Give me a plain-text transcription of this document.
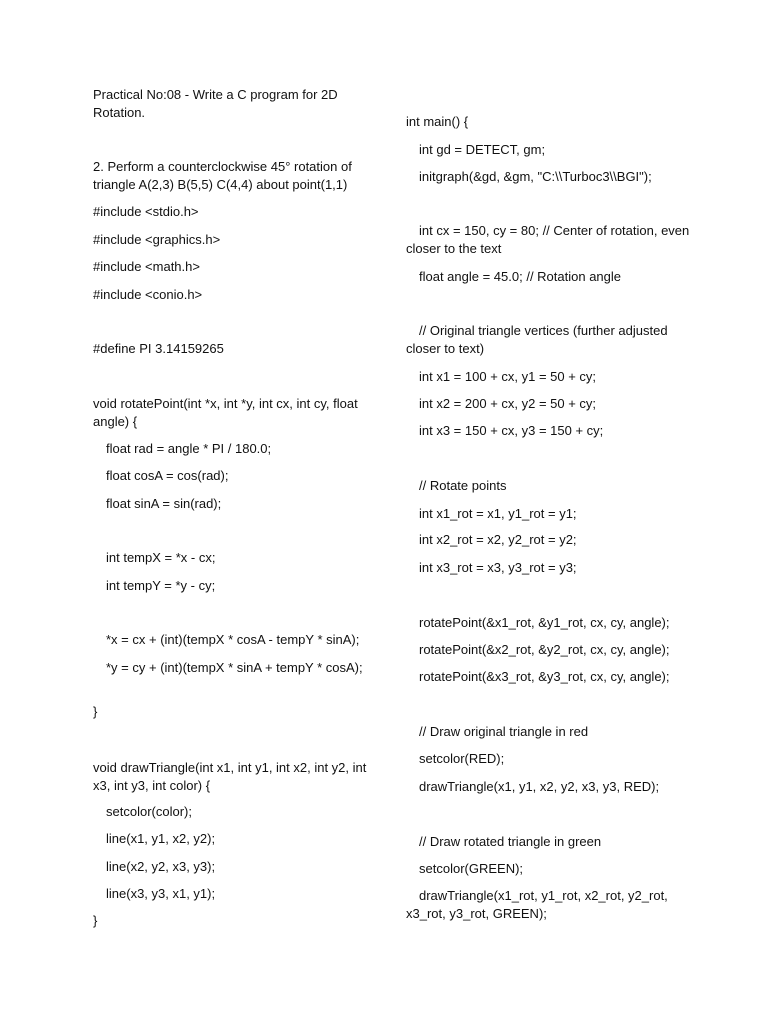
Practical No:08 - Write a C program for 2D Rotation.
2. Perform a counterclockwise 45° rotation of triangle A(2,3) B(5,5) C(4,4) about point(1,1)
#include <stdio.h>
#include <graphics.h>
#include <math.h>
#include <conio.h>
#define PI 3.14159265
void rotatePoint(int *x, int *y, int cx, int cy, float angle) {
float rad = angle * PI / 180.0;
float cosA = cos(rad);
float sinA = sin(rad);
int tempX = *x - cx;
int tempY = *y - cy;
*x = cx + (int)(tempX * cosA - tempY * sinA);
*y = cy + (int)(tempX * sinA + tempY * cosA);
}
void drawTriangle(int x1, int y1, int x2, int y2, int x3, int y3, int color) {
setcolor(color);
line(x1, y1, x2, y2);
line(x2, y2, x3, y3);
line(x3, y3, x1, y1);
}
int main() {
int gd = DETECT, gm;
initgraph(&gd, &gm, "C:\\Turboc3\\BGI");
int cx = 150, cy = 80; // Center of rotation, even closer to the text
float angle = 45.0; // Rotation angle
// Original triangle vertices (further adjusted closer to text)
int x1 = 100 + cx, y1 = 50 + cy;
int x2 = 200 + cx, y2 = 50 + cy;
int x3 = 150 + cx, y3 = 150 + cy;
// Rotate points
int x1_rot = x1, y1_rot = y1;
int x2_rot = x2, y2_rot = y2;
int x3_rot = x3, y3_rot = y3;
rotatePoint(&x1_rot, &y1_rot, cx, cy, angle);
rotatePoint(&x2_rot, &y2_rot, cx, cy, angle);
rotatePoint(&x3_rot, &y3_rot, cx, cy, angle);
// Draw original triangle in red
setcolor(RED);
drawTriangle(x1, y1, x2, y2, x3, y3, RED);
// Draw rotated triangle in green
setcolor(GREEN);
drawTriangle(x1_rot, y1_rot, x2_rot, y2_rot, x3_rot, y3_rot, GREEN);
